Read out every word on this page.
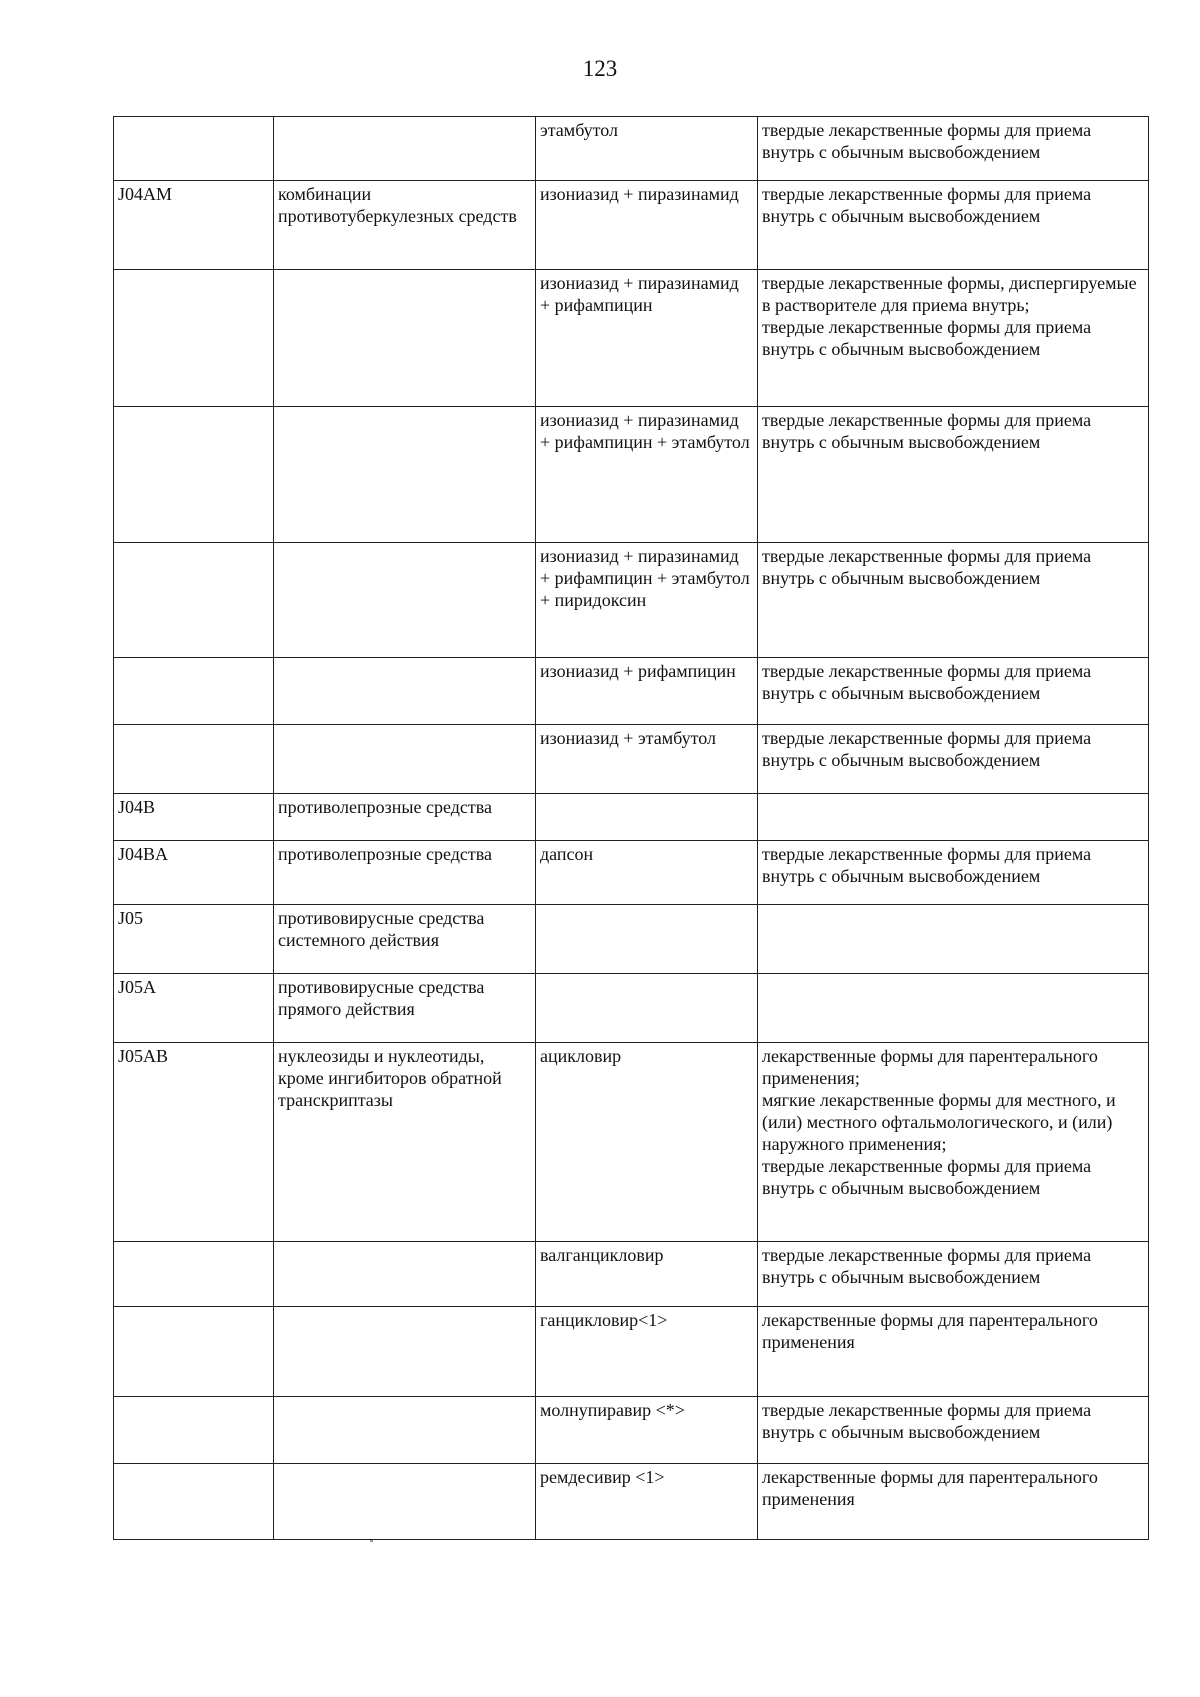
123
		этамбутол	твердые лекарственные формы для приема внутрь с обычным высвобождением

J04AM	комбинации противотуберкулезных средств	изониазид + пиразинамид	твердые лекарственные формы для приема внутрь с обычным высвобождением

		изониазид + пиразинамид + рифампицин	твердые лекарственные формы, диспергируемые в растворителе для приема внутрь;
твердые лекарственные формы для приема внутрь с обычным высвобождением

		изониазид + пиразинамид + рифампицин + этамбутол	твердые лекарственные формы для приема внутрь с обычным высвобождением

		изониазид + пиразинамид + рифампицин + этамбутол + пиридоксин	твердые лекарственные формы для приема внутрь с обычным высвобождением

		изониазид + рифампицин	твердые лекарственные формы для приема внутрь с обычным высвобождением

		изониазид + этамбутол	твердые лекарственные формы для приема внутрь с обычным высвобождением

J04B	противолепрозные средства		
J04BA	противолепрозные средства	дапсон	твердые лекарственные формы для приема внутрь с обычным высвобождением

J05	противовирусные средства системного действия		
J05A	противовирусные средства прямого действия		
J05AB	нуклеозиды и нуклеотиды, кроме ингибиторов обратной транскриптазы	ацикловир	лекарственные формы для парентерального применения;
мягкие лекарственные формы для местного, и (или) местного офтальмологического, и (или) наружного применения;
твердые лекарственные формы для приема внутрь с обычным высвобождением

		валганцикловир	твердые лекарственные формы для приема внутрь с обычным высвобождением

		ганцикловир<1>	лекарственные формы для парентерального применения

		молнупиравир <*>	твердые лекарственные формы для приема внутрь с обычным высвобождением

		ремдесивир <1>	лекарственные формы для парентерального применения
